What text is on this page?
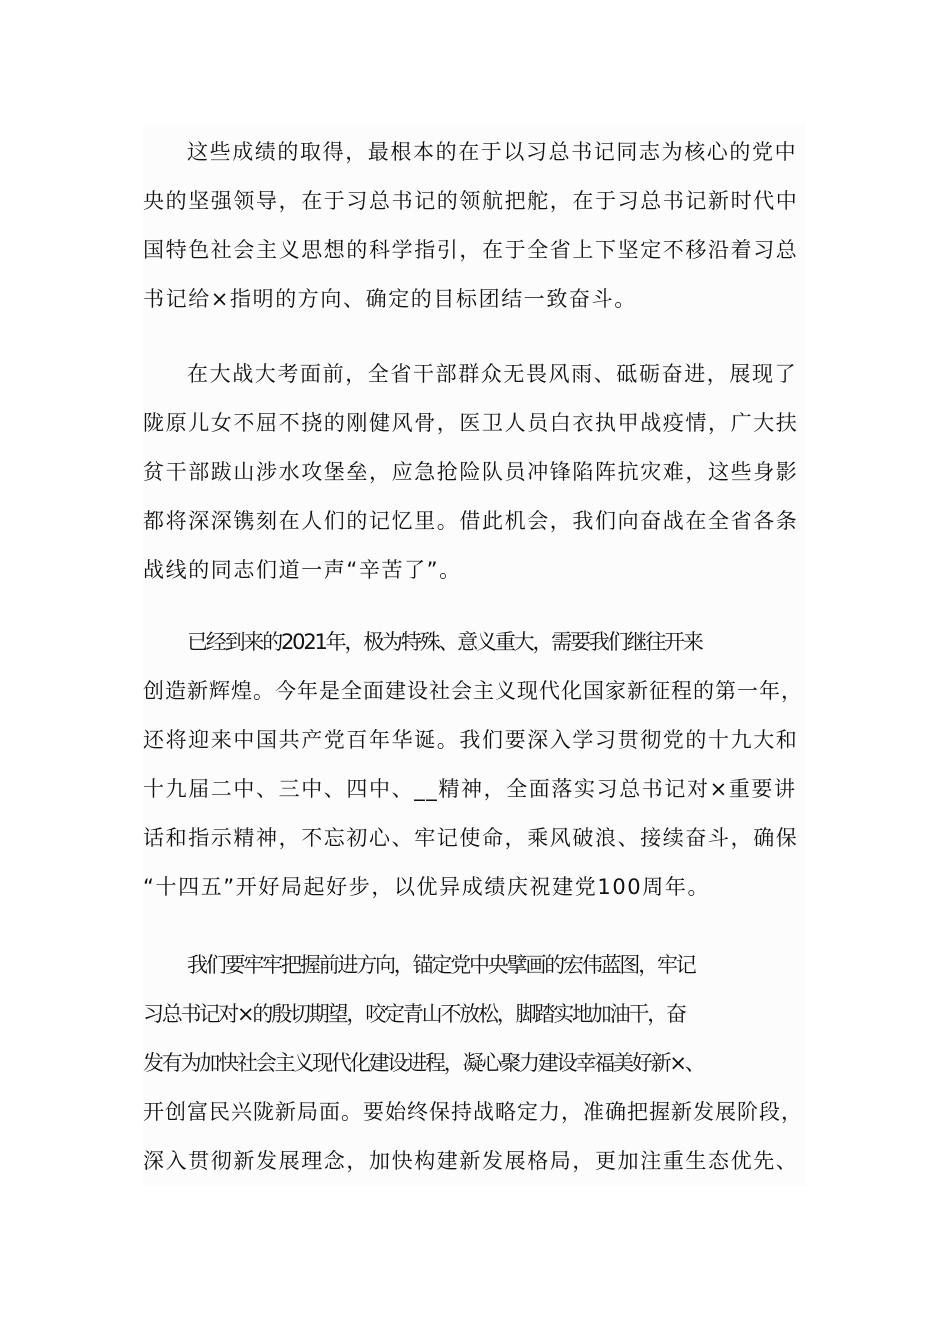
这些成绩的取得，最根本的在于以习总书记同志为核心的党中
央的坚强领导，在于习总书记的领航把舵，在于习总书记新时代中
国特色社会主义思想的科学指引，在于全省上下坚定不移沿着习总
书记给×指明的方向、确定的目标团结一致奋斗。
在大战大考面前，全省干部群众无畏风雨、砥砺奋进，展现了
陇原儿女不屈不挠的刚健风骨，医卫人员白衣执甲战疫情，广大扶
贫干部跋山涉水攻堡垒，应急抢险队员冲锋陷阵抗灾难，这些身影
都将深深镌刻在人们的记忆里。借此机会，我们向奋战在全省各条
战线的同志们道一声“辛苦了”。
已经到来的2021年，极为特殊、意义重大，需要我们继往开来
创造新辉煌。今年是全面建设社会主义现代化国家新征程的第一年，
还将迎来中国共产党百年华诞。我们要深入学习贯彻党的十九大和
十九届二中、三中、四中、__精神，全面落实习总书记对×重要讲
话和指示精神，不忘初心、牢记使命，乘风破浪、接续奋斗，确保
“十四五”开好局起好步，以优异成绩庆祝建党100周年。
我们要牢牢把握前进方向，锚定党中央擘画的宏伟蓝图，牢记
习总书记对×的殷切期望，咬定青山不放松，脚踏实地加油干，奋
发有为加快社会主义现代化建设进程，凝心聚力建设幸福美好新×、
开创富民兴陇新局面。要始终保持战略定力，准确把握新发展阶段，
深入贯彻新发展理念，加快构建新发展格局，更加注重生态优先、
